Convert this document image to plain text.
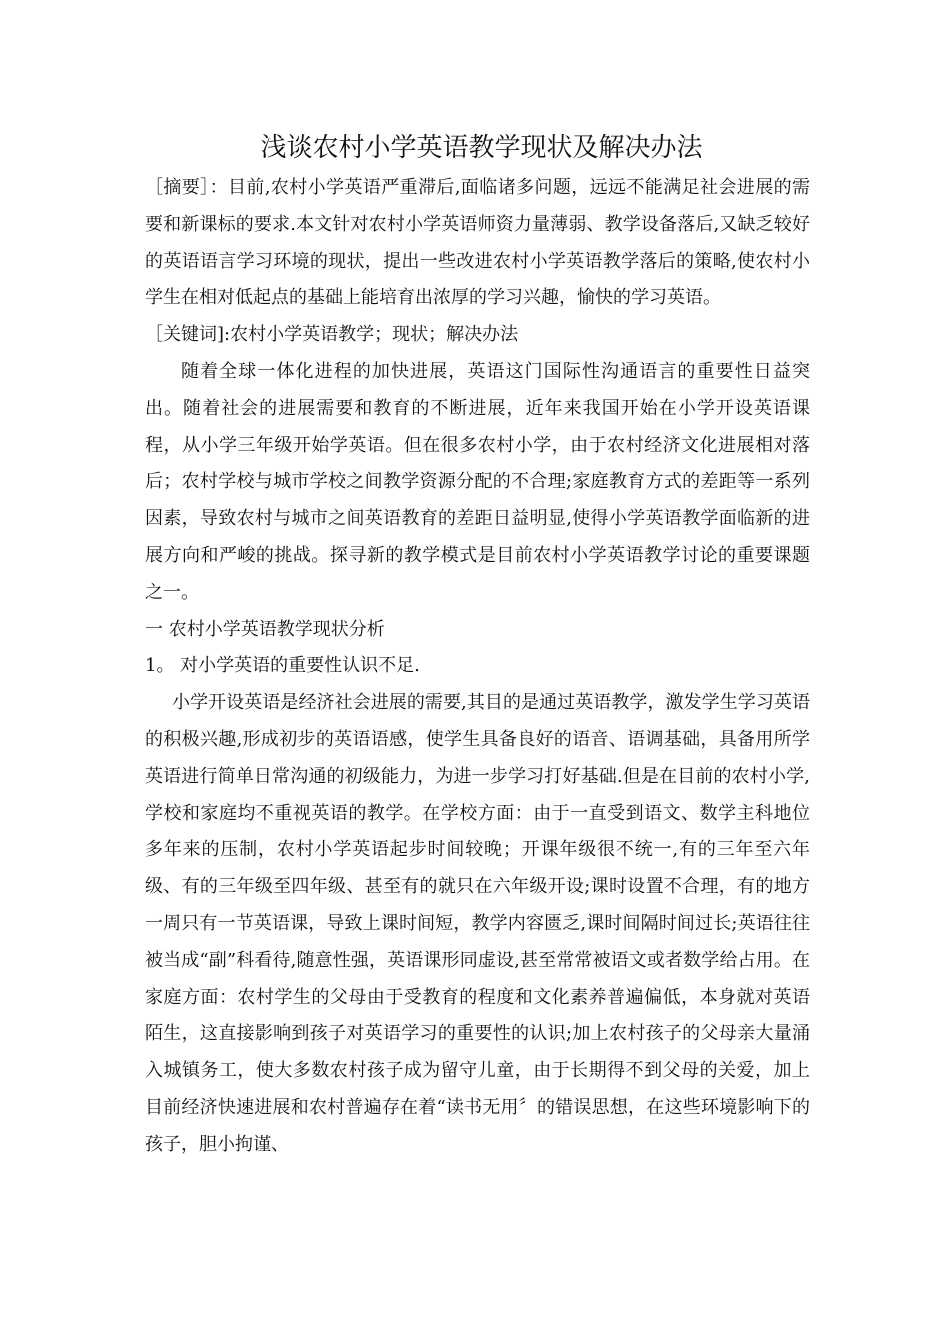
浅谈农村小学英语教学现状及解决办法

［摘要］：目前,农村小学英语严重滞后,面临诸多问题，远远不能满足社会进展的需要和新课标的要求.本文针对农村小学英语师资力量薄弱、教学设备落后,又缺乏较好的英语语言学习环境的现状，提出一些改进农村小学英语教学落后的策略,使农村小学生在相对低起点的基础上能培育出浓厚的学习兴趣，愉快的学习英语。

［关键词]:农村小学英语教学；现状；解决办法

随着全球一体化进程的加快进展，英语这门国际性沟通语言的重要性日益突出。随着社会的进展需要和教育的不断进展，近年来我国开始在小学开设英语课程，从小学三年级开始学英语。但在很多农村小学，由于农村经济文化进展相对落后；农村学校与城市学校之间教学资源分配的不合理;家庭教育方式的差距等一系列因素，导致农村与城市之间英语教育的差距日益明显,使得小学英语教学面临新的进展方向和严峻的挑战。探寻新的教学模式是目前农村小学英语教学讨论的重要课题之一。

一 农村小学英语教学现状分析

1。 对小学英语的重要性认识不足.

小学开设英语是经济社会进展的需要,其目的是通过英语教学，激发学生学习英语的积极兴趣,形成初步的英语语感，使学生具备良好的语音、语调基础，具备用所学英语进行简单日常沟通的初级能力，为进一步学习打好基础.但是在目前的农村小学,学校和家庭均不重视英语的教学。在学校方面：由于一直受到语文、数学主科地位多年来的压制，农村小学英语起步时间较晚；开课年级很不统一,有的三年至六年级、有的三年级至四年级、甚至有的就只在六年级开设;课时设置不合理，有的地方一周只有一节英语课，导致上课时间短，教学内容匮乏,课时间隔时间过长;英语往往被当成“副”科看待,随意性强，英语课形同虚设,甚至常常被语文或者数学给占用。在家庭方面：农村学生的父母由于受教育的程度和文化素养普遍偏低，本身就对英语陌生，这直接影响到孩子对英语学习的重要性的认识;加上农村孩子的父母亲大量涌入城镇务工，使大多数农村孩子成为留守儿童，由于长期得不到父母的关爱，加上目前经济快速进展和农村普遍存在着“读书无用〞的错误思想，在这些环境影响下的孩子，胆小拘谨、
